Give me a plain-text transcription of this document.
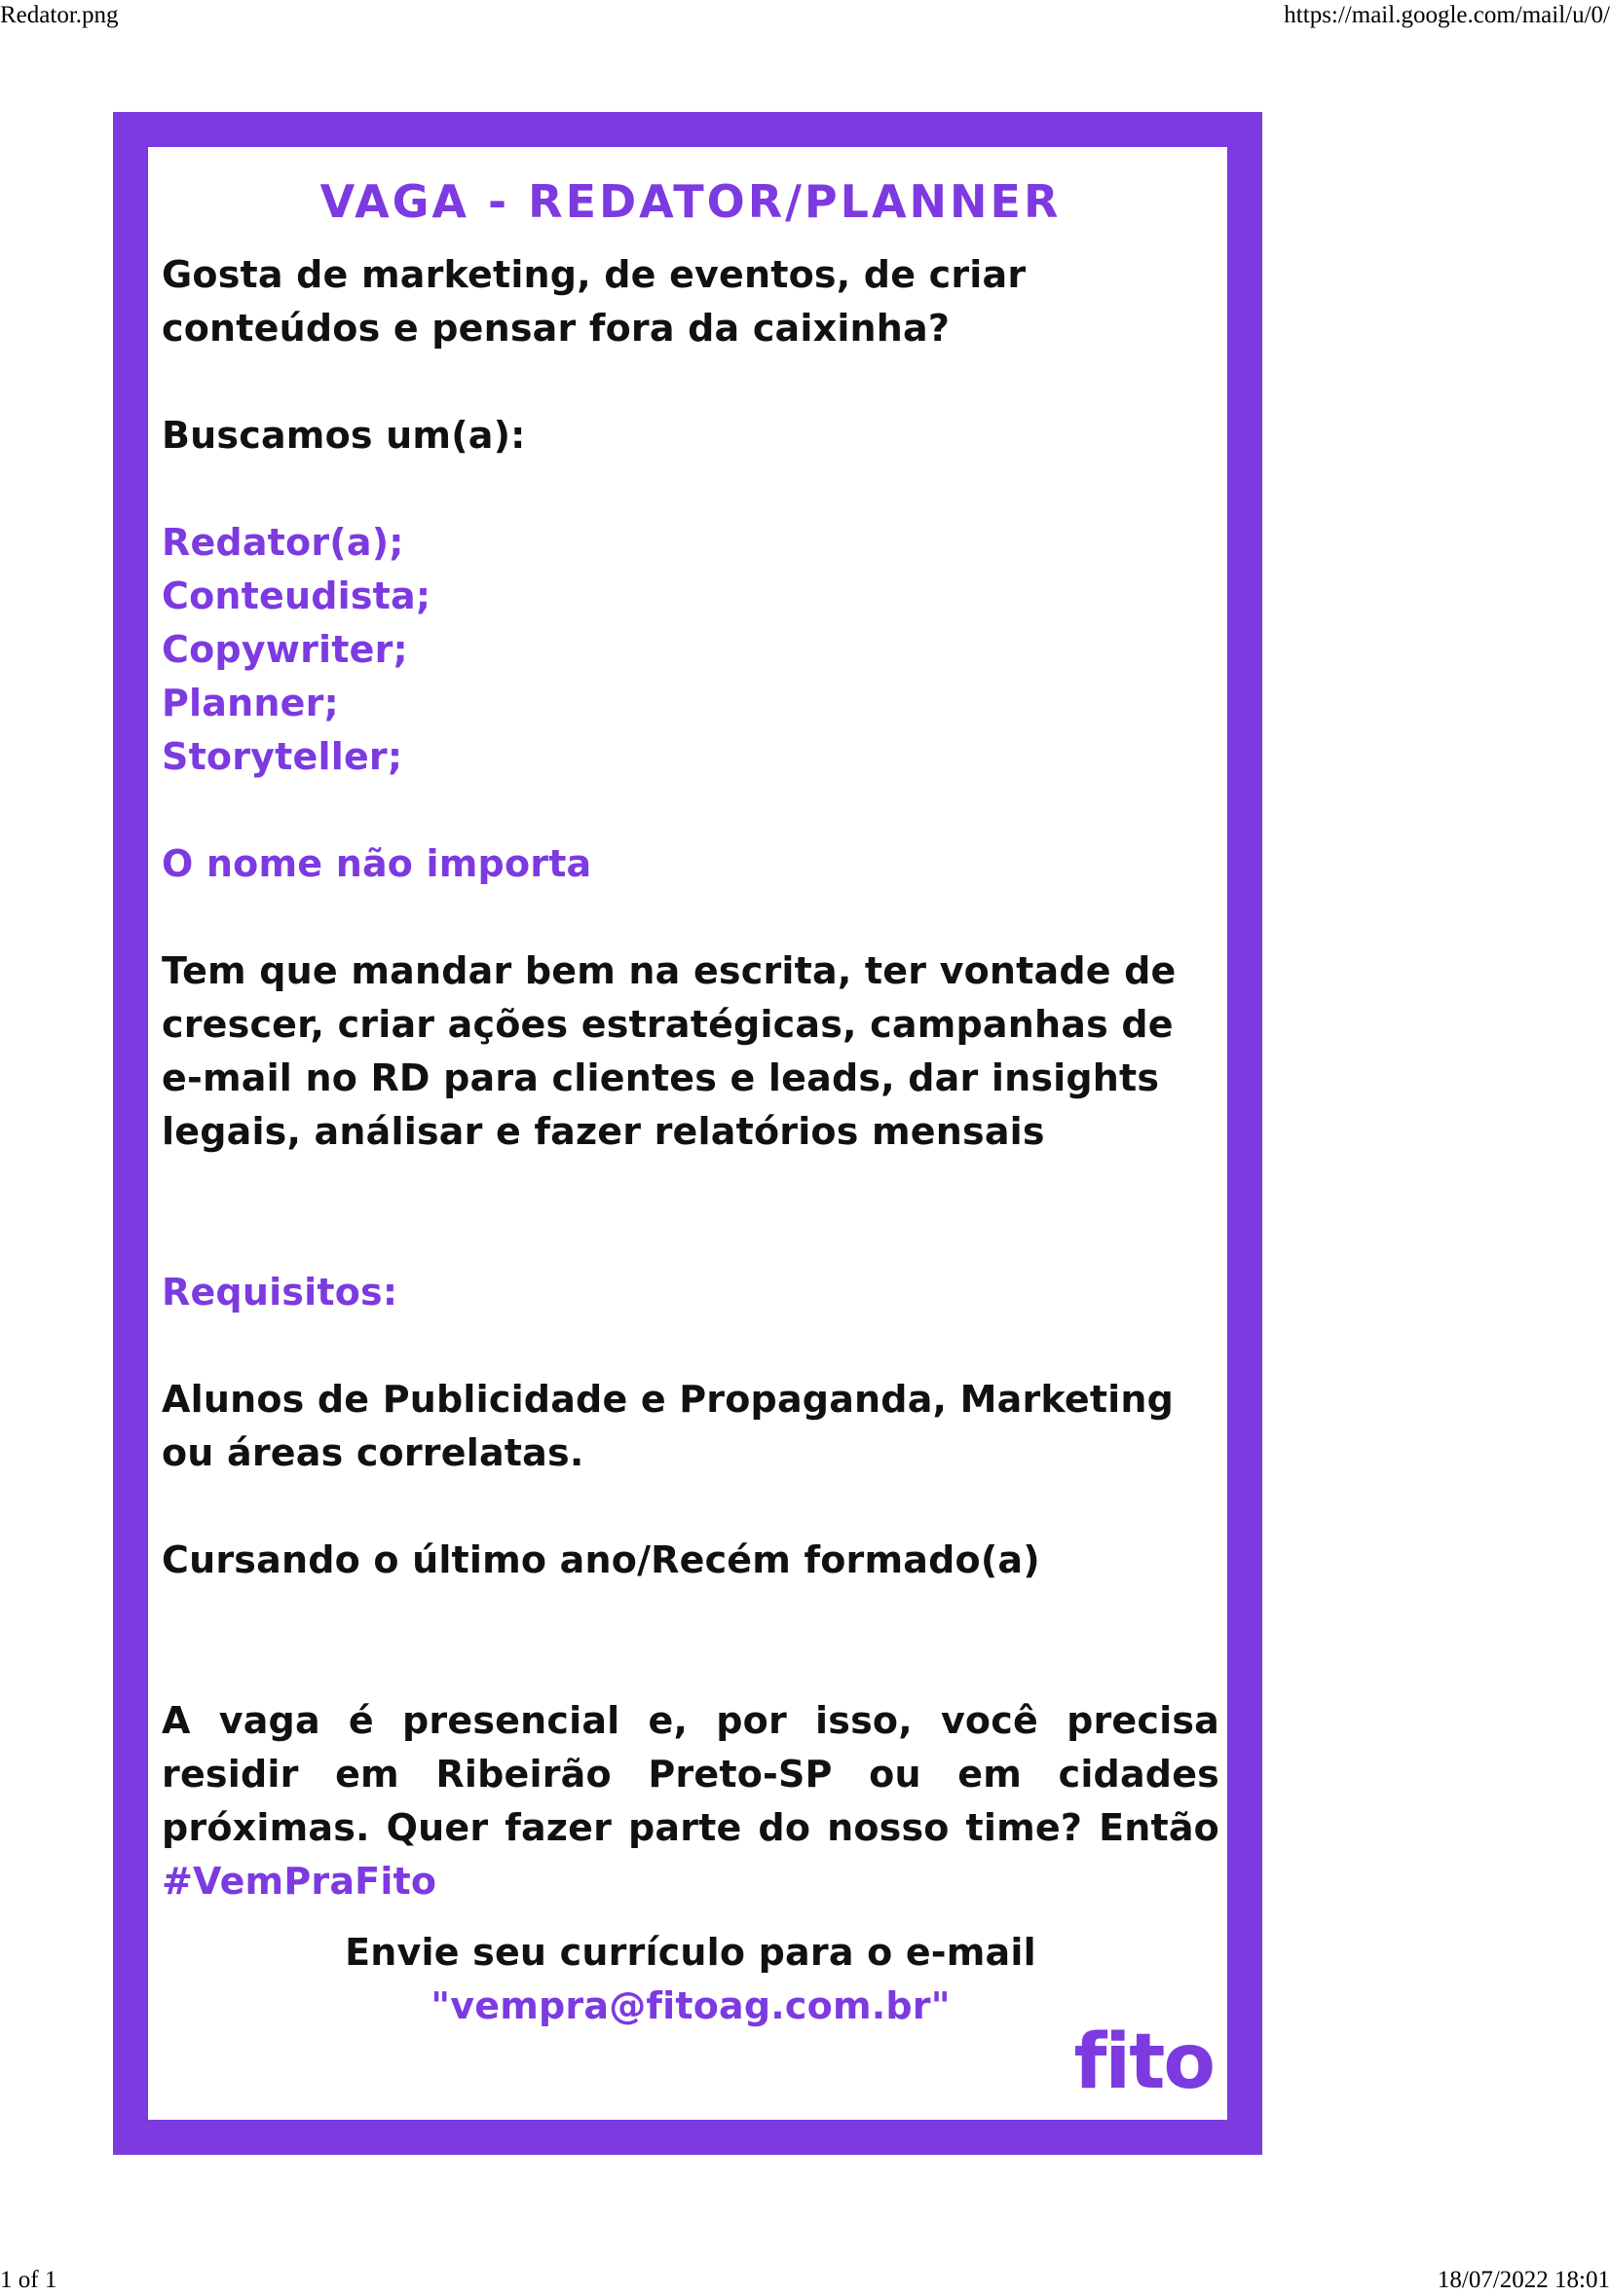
Redator.png	https://mail.google.com/mail/u/0/

VAGA - REDATOR/PLANNER

Gosta de marketing, de eventos, de criar conteúdos e pensar fora da caixinha?

Buscamos um(a):

Redator(a);

Conteudista;

Copywriter;

Planner;

Storyteller;

O nome não importa

Tem que mandar bem na escrita, ter vontade de crescer, criar ações estratégicas, campanhas de e-mail no RD para clientes e leads, dar insights legais, análisar e fazer relatórios mensais

Requisitos:

Alunos de Publicidade e Propaganda, Marketing ou áreas correlatas.

Cursando o último ano/Recém formado(a)

A vaga é presencial e, por isso, você precisa residir em Ribeirão Preto-SP ou em cidades próximas. Quer fazer parte do nosso time? Então #VemPraFito

Envie seu currículo para o e-mail

"vempra@fitoag.com.br"

fito
1 of 1	18/07/2022 18:01
